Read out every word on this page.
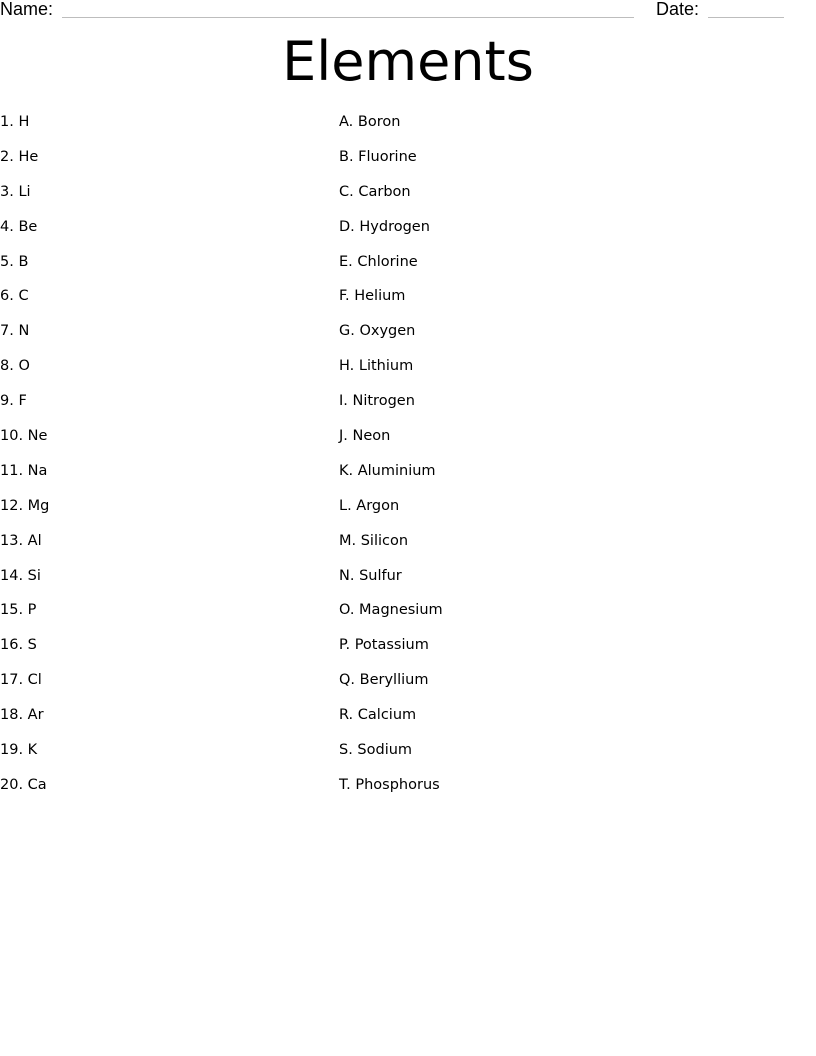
Name:	Date:
Elements
1. H
2. He
3. Li
4. Be
5. B
6. C
7. N
8. O
9. F
10. Ne
11. Na
12. Mg
13. Al
14. Si
15. P
16. S
17. Cl
18. Ar
19. K
20. Ca
A. Boron
B. Fluorine
C. Carbon
D. Hydrogen
E. Chlorine
F. Helium
G. Oxygen
H. Lithium
I. Nitrogen
J. Neon
K. Aluminium
L. Argon
M. Silicon
N. Sulfur
O. Magnesium
P. Potassium
Q. Beryllium
R. Calcium
S. Sodium
T. Phosphorus
